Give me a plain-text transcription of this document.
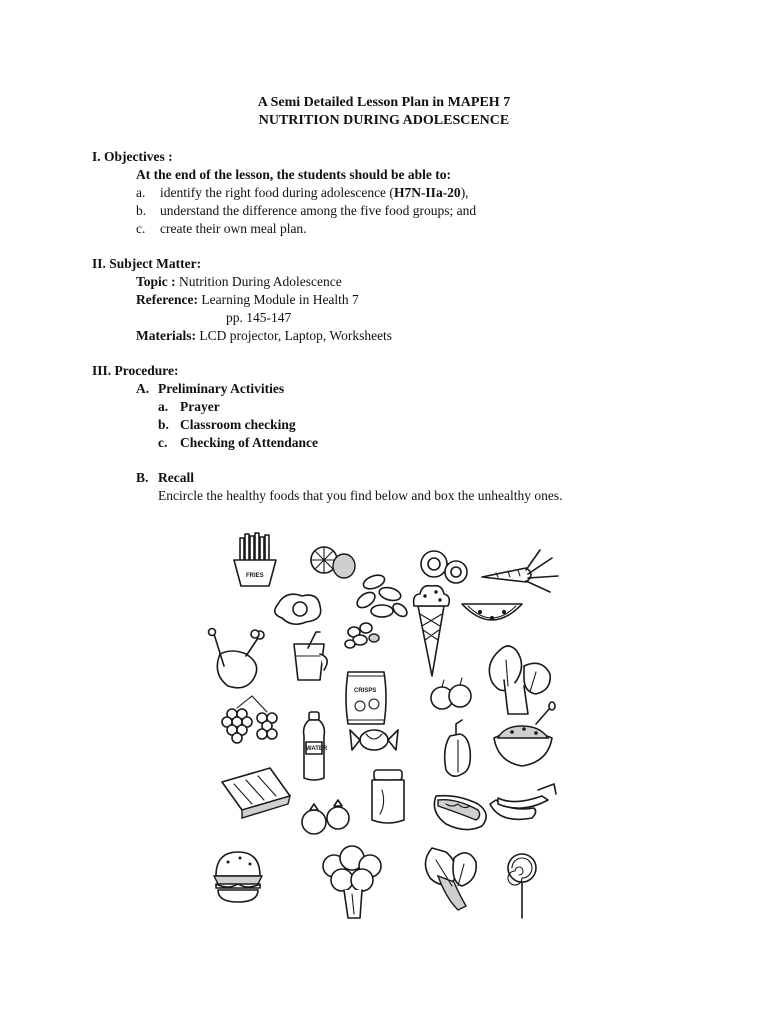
A Semi Detailed Lesson Plan in MAPEH 7
NUTRITION DURING ADOLESCENCE
I. Objectives :
At the end of the lesson, the students should be able to:
a. identify the right food during adolescence (H7N-IIa-20),
b. understand the difference among the five food groups; and
c. create their own meal plan.
II. Subject Matter:
Topic : Nutrition During Adolescence
Reference: Learning Module in Health 7
pp. 145-147
Materials: LCD projector, Laptop, Worksheets
III. Procedure:
A. Preliminary Activities
a. Prayer
b. Classroom checking
c. Checking of Attendance
B. Recall
Encircle the healthy foods that you find below and box the unhealthy ones.
FRIES
CRISPS
WATER
